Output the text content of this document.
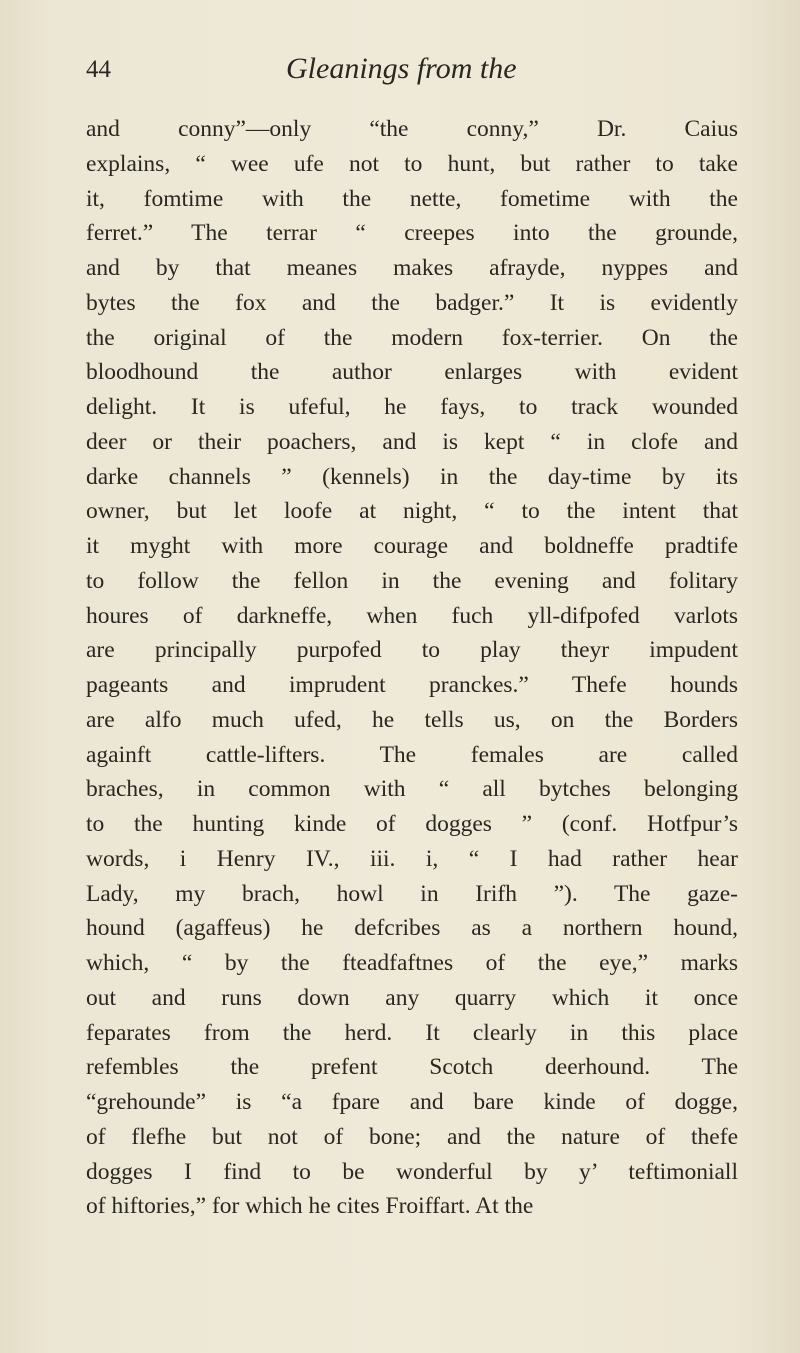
44	Gleanings from the
and conny”—only “the conny,” Dr. Caius
explains, “ wee ufe not to hunt, but rather to take
it, fomtime with the nette, fometime with the
ferret.” The terrar “ creepes into the grounde,
and by that meanes makes afrayde, nyppes and
bytes the fox and the badger.” It is evidently
the original of the modern fox-terrier. On the
bloodhound the author enlarges with evident
delight. It is ufeful, he fays, to track wounded
deer or their poachers, and is kept “ in clofe and
darke channels ” (kennels) in the day-time by its
owner, but let loofe at night, “ to the intent that
it myght with more courage and boldneffe pradtife
to follow the fellon in the evening and folitary
houres of darkneffe, when fuch yll-difpofed varlots
are principally purpofed to play theyr impudent
pageants and imprudent pranckes.” Thefe hounds
are alfo much ufed, he tells us, on the Borders
againft cattle-lifters. The females are called
braches, in common with “ all bytches belonging
to the hunting kinde of dogges ” (conf. Hotfpur’s
words, i Henry IV., iii. i, “ I had rather hear
Lady, my brach, howl in Irifh ”). The gaze-
hound (agaffeus) he defcribes as a northern hound,
which, “ by the fteadfaftnes of the eye,” marks
out and runs down any quarry which it once
feparates from the herd. It clearly in this place
refembles the prefent Scotch deerhound. The
“grehounde” is “a fpare and bare kinde of dogge,
of flefhe but not of bone; and the nature of thefe
dogges I find to be wonderful by y’ teftimoniall
of hiftories,” for which he cites Froiffart. At the
